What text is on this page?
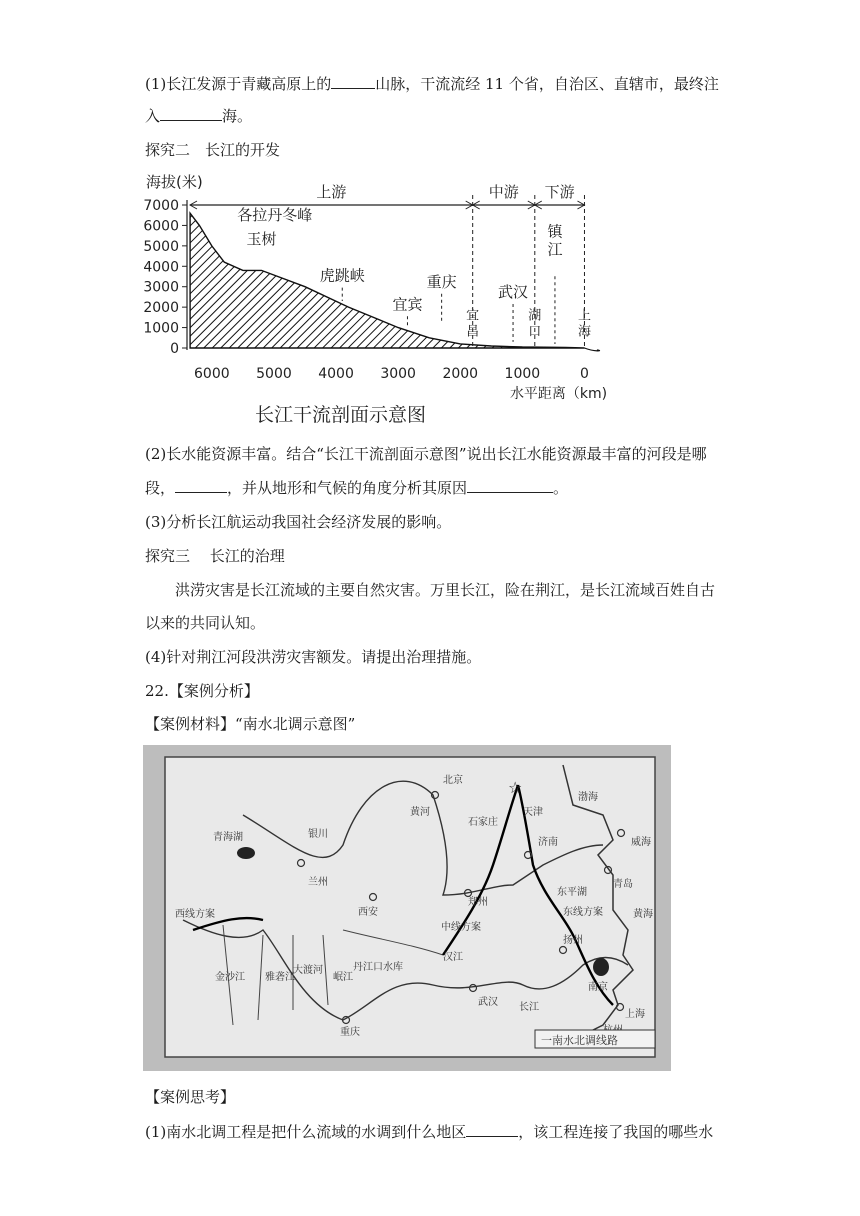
(1)长江发源于青藏高原上的	山脉，干流流经 11 个省，自治区、直辖市，最终注

入	海。

探究二　长江的开发

海拔(米)
7000
6000
5000
4000
3000
2000
1000
0
6000 5000 4000 3000 2000 1000	0
水平距离（km)
上游	中游 下游
各拉丹冬峰
玉树
虎跳峡	重庆
宜宾
武汉
镇
江
宜
昌
湖
口
上
海
长江干流剖面示意图

(2)长水能资源丰富。结合“长江干流剖面示意图”说出长江水能资源最丰富的河段是哪

段，	，并从地形和气候的角度分析其原因	。

(3)分析长江航运动我国社会经济发展的影响。

探究三　 长江的治理

洪涝灾害是长江流域的主要自然灾害。万里长江，险在荆江，是长江流域百姓自古

以来的共同认知。

(4)针对荆江河段洪涝灾害额发。请提出治理措施。

22.【案例分析】

【案例材料】“南水北调示意图”

☆
北京
天津
石家庄
济南
渤海
威海
青岛
银川
青海湖
兰州
西安
郑州
中线方案
东线方案
扬州
南京
上海
丹江口水库
武汉
重庆
西线方案
金沙江 雅砻江
大渡河
岷江
长江
黄河
汉江
黄海
东平湖
一南水北调线路

【案例思考】

(1)南水北调工程是把什么流域的水调到什么地区	，该工程连接了我国的哪些水
